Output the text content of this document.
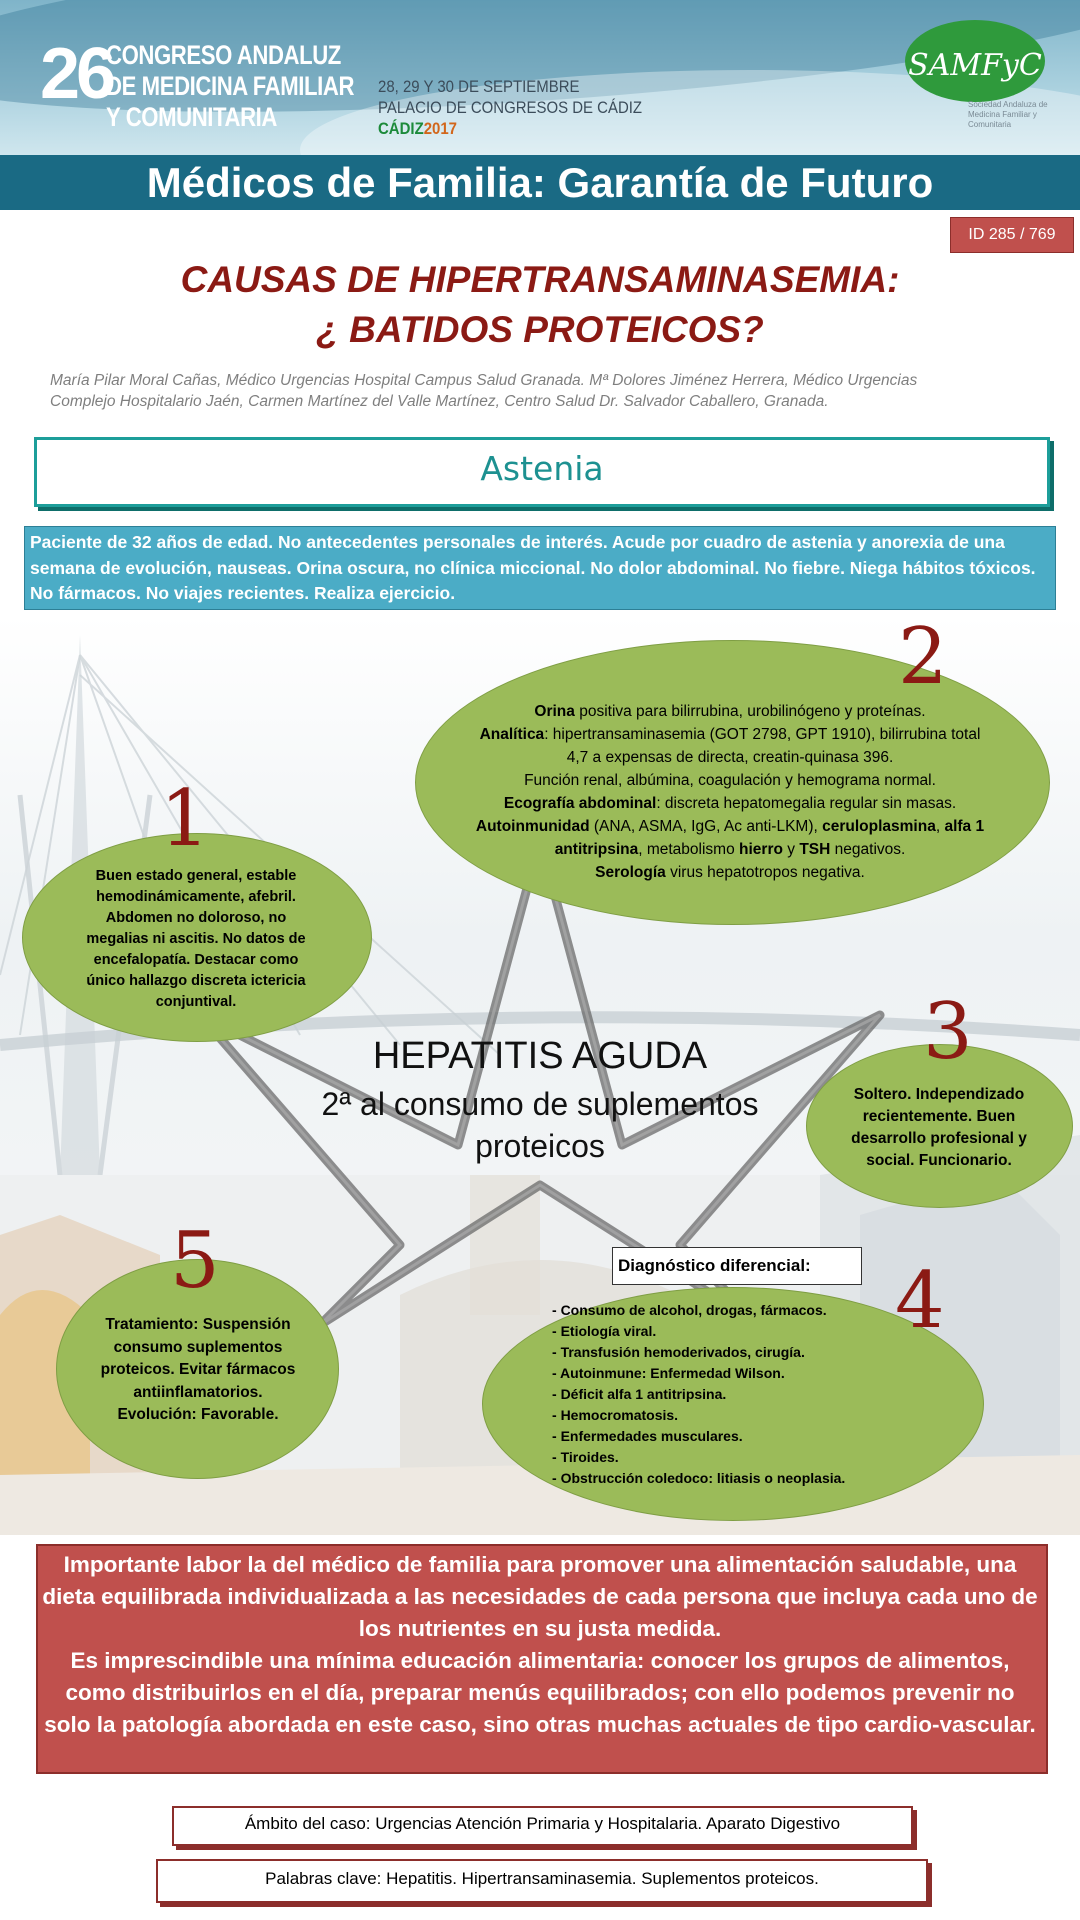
26
CONGRESO ANDALUZ
DE MEDICINA FAMILIAR
Y COMUNITARIA
28, 29 Y 30 DE SEPTIEMBRE
PALACIO DE CONGRESOS DE CÁDIZ
CÁDIZ2017
SAMFyC
Sociedad Andaluza de Medicina Familiar y Comunitaria
Médicos de Familia: Garantía de Futuro
ID 285 / 769
CAUSAS DE HIPERTRANSAMINASEMIA:
¿ BATIDOS PROTEICOS?
María Pilar Moral Cañas, Médico Urgencias Hospital Campus Salud Granada. Mª Dolores Jiménez Herrera, Médico Urgencias
Complejo Hospitalario Jaén, Carmen Martínez del Valle Martínez, Centro Salud Dr. Salvador Caballero, Granada.
Astenia
Paciente de 32 años de edad. No antecedentes personales de interés. Acude por cuadro de astenia y anorexia de una semana de evolución, nauseas. Orina oscura, no clínica miccional. No dolor abdominal. No fiebre. Niega hábitos tóxicos. No fármacos. No viajes recientes. Realiza ejercicio.
2
Orina positiva para bilirrubina, urobilinógeno y proteínas.
Analítica: hipertransaminasemia (GOT 2798, GPT 1910), bilirrubina total
4,7 a expensas de directa, creatin-quinasa 396.
Función renal, albúmina, coagulación y hemograma normal.
Ecografía abdominal: discreta hepatomegalia regular sin masas.
Autoinmunidad (ANA, ASMA, IgG, Ac anti-LKM), ceruloplasmina, alfa 1
antitripsina, metabolismo hierro y TSH negativos.
Serología virus hepatotropos negativa.
1
Buen estado general, estable
hemodinámicamente, afebril.
Abdomen no doloroso, no
megalias ni ascitis. No datos de
encefalopatía. Destacar como
único hallazgo discreta ictericia
conjuntival.	3
Soltero. Independizado
recientemente. Buen
desarrollo profesional y
social. Funcionario.
5
Tratamiento: Suspensión
consumo suplementos
proteicos. Evitar fármacos
antiinflamatorios.
Evolución: Favorable.
4
Diagnóstico diferencial:
- Consumo de alcohol, drogas, fármacos.
- Etiología viral.
- Transfusión hemoderivados, cirugía.
- Autoinmune: Enfermedad Wilson.
- Déficit alfa 1 antitripsina.
- Hemocromatosis.
- Enfermedades musculares.
- Tiroides.
- Obstrucción coledoco: litiasis o neoplasia.
HEPATITIS AGUDA
2ª al consumo de suplementos
proteicos

Importante labor la del médico de familia para promover una alimentación saludable, una dieta equilibrada individualizada a las necesidades de cada persona que incluya cada uno de los nutrientes en su justa medida.

Es imprescindible una mínima educación alimentaria: conocer los grupos de alimentos, como distribuirlos en el día, preparar menús equilibrados; con ello podemos prevenir no solo la patología abordada en este caso, sino otras muchas actuales de tipo cardio-vascular.

Ámbito del caso: Urgencias Atención Primaria y Hospitalaria. Aparato Digestivo
Palabras clave: Hepatitis. Hipertransaminasemia. Suplementos proteicos.
